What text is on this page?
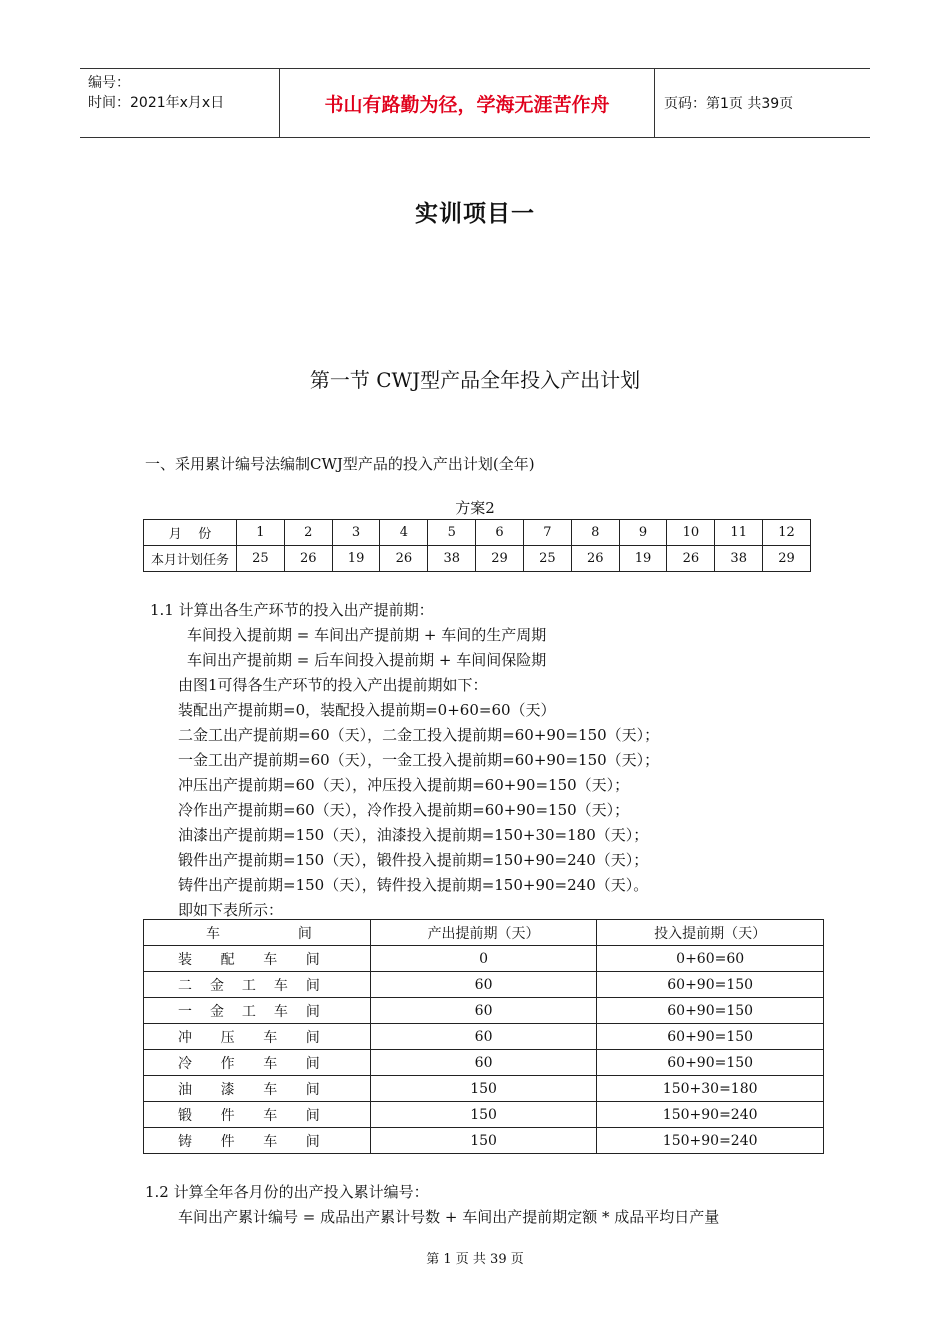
编号：
时间：2021年x月x日	书山有路勤为径，学海无涯苦作舟	页码：第1页 共39页
实训项目一
第一节 CWJ型产品全年投入产出计划
一、采用累计编号法编制CWJ型产品的投入产出计划(全年)
方案2
月    份	1	2	3	4	5	6	7	8	9	10	11	12
本月计划任务	25	26	19	26	38	29	25	26	19	26	38	29
1.1 计算出各生产环节的投入出产提前期：
车间投入提前期 = 车间出产提前期 + 车间的生产周期
车间出产提前期 = 后车间投入提前期 + 车间间保险期
由图1可得各生产环节的投入产出提前期如下：
装配出产提前期=0，装配投入提前期=0+60=60（天）
二金工出产提前期=60（天），二金工投入提前期=60+90=150（天）；
一金工出产提前期=60（天），一金工投入提前期=60+90=150（天）；
冲压出产提前期=60（天），冲压投入提前期=60+90=150（天）；
冷作出产提前期=60（天），冷作投入提前期=60+90=150（天）；
油漆出产提前期=150（天），油漆投入提前期=150+30=180（天）；
锻件出产提前期=150（天），锻件投入提前期=150+90=240（天）；
铸件出产提前期=150（天），铸件投入提前期=150+90=240（天）。
即如下表所示：
车 间	产出提前期（天）	投入提前期（天）

装 配 车 间	0	0+60=60

二 金 工 车 间	60	60+90=150

一 金 工 车 间	60	60+90=150

冲 压 车 间	60	60+90=150

冷 作 车 间	60	60+90=150

油 漆 车 间	150	150+30=180

锻 件 车 间	150	150+90=240

铸 件 车 间	150	150+90=240
1.2 计算全年各月份的出产投入累计编号：
车间出产累计编号 = 成品出产累计号数 + 车间出产提前期定额 * 成品平均日产量
第 1 页 共 39 页
